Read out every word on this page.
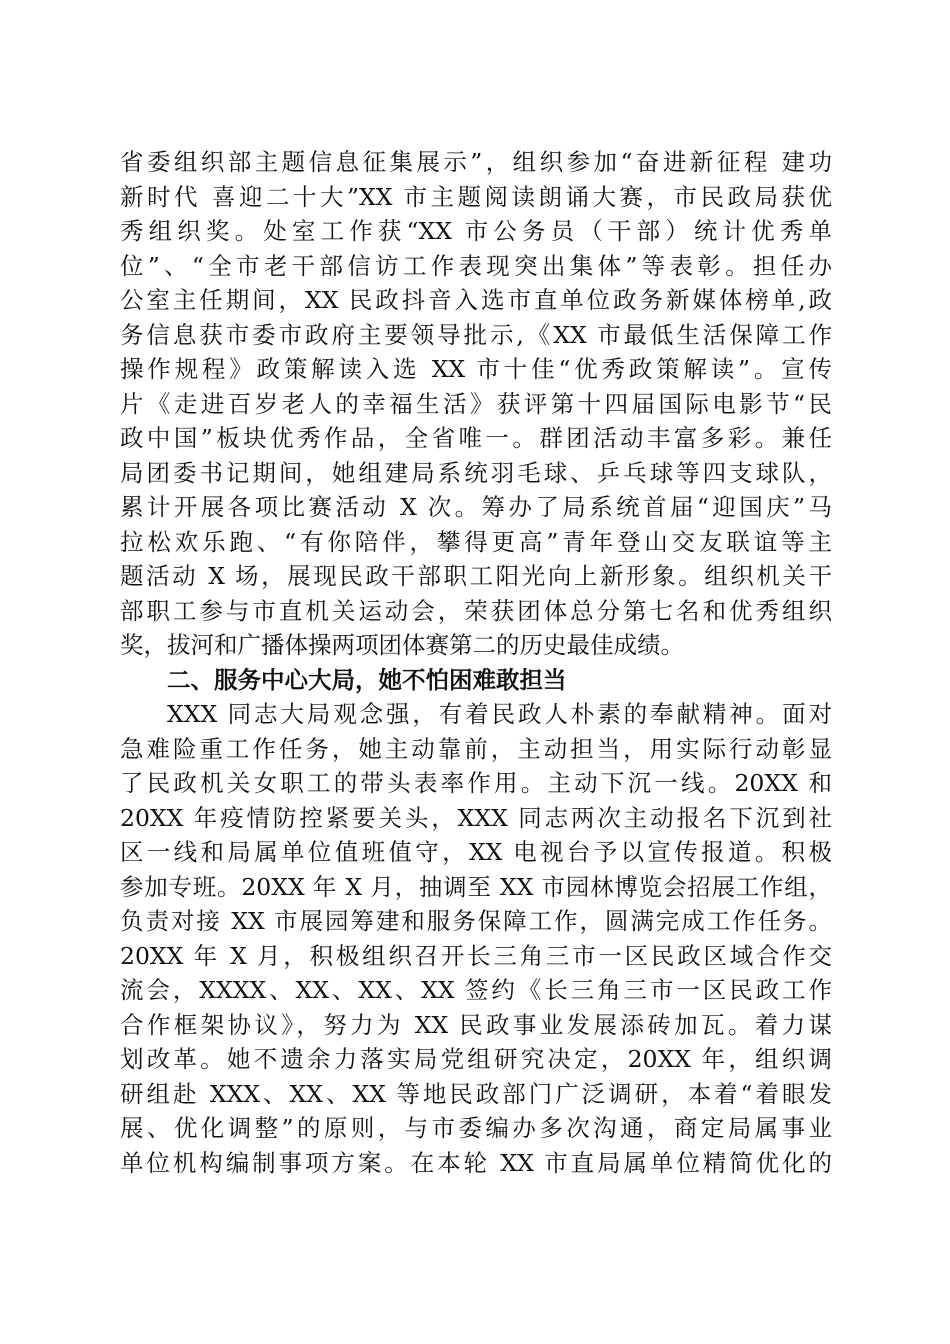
省委组织部主题信息征集展示”，组织参加“奋进新征程 建功
新时代 喜迎二十大”XX 市主题阅读朗诵大赛，市民政局获优
秀组织奖。处室工作获“XX 市公务员（干部）统计优秀单
位”、“全市老干部信访工作表现突出集体”等表彰。担任办
公室主任期间，XX 民政抖音入选市直单位政务新媒体榜单,政
务信息获市委市政府主要领导批示,《XX 市最低生活保障工作
操作规程》政策解读入选 XX 市十佳“优秀政策解读”。宣传
片《走进百岁老人的幸福生活》获评第十四届国际电影节“民
政中国”板块优秀作品，全省唯一。群团活动丰富多彩。兼任
局团委书记期间，她组建局系统羽毛球、乒乓球等四支球队，
累计开展各项比赛活动 X 次。筹办了局系统首届“迎国庆”马
拉松欢乐跑、“有你陪伴，攀得更高”青年登山交友联谊等主
题活动 X 场，展现民政干部职工阳光向上新形象。组织机关干
部职工参与市直机关运动会，荣获团体总分第七名和优秀组织
奖，拔河和广播体操两项团体赛第二的历史最佳成绩。
二、服务中心大局，她不怕困难敢担当
XXX 同志大局观念强，有着民政人朴素的奉献精神。面对
急难险重工作任务，她主动靠前，主动担当，用实际行动彰显
了民政机关女职工的带头表率作用。主动下沉一线。20XX 和
20XX 年疫情防控紧要关头，XXX 同志两次主动报名下沉到社
区一线和局属单位值班值守，XX 电视台予以宣传报道。积极
参加专班。20XX 年 X 月，抽调至 XX 市园林博览会招展工作组，
负责对接 XX 市展园筹建和服务保障工作，圆满完成工作任务。
20XX 年 X 月，积极组织召开长三角三市一区民政区域合作交
流会，XXXX、XX、XX、XX 签约《长三角三市一区民政工作
合作框架协议》，努力为 XX 民政事业发展添砖加瓦。着力谋
划改革。她不遗余力落实局党组研究决定，20XX 年，组织调
研组赴 XXX、XX、XX 等地民政部门广泛调研，本着“着眼发
展、优化调整”的原则，与市委编办多次沟通，商定局属事业
单位机构编制事项方案。在本轮 XX 市直局属单位精简优化的
